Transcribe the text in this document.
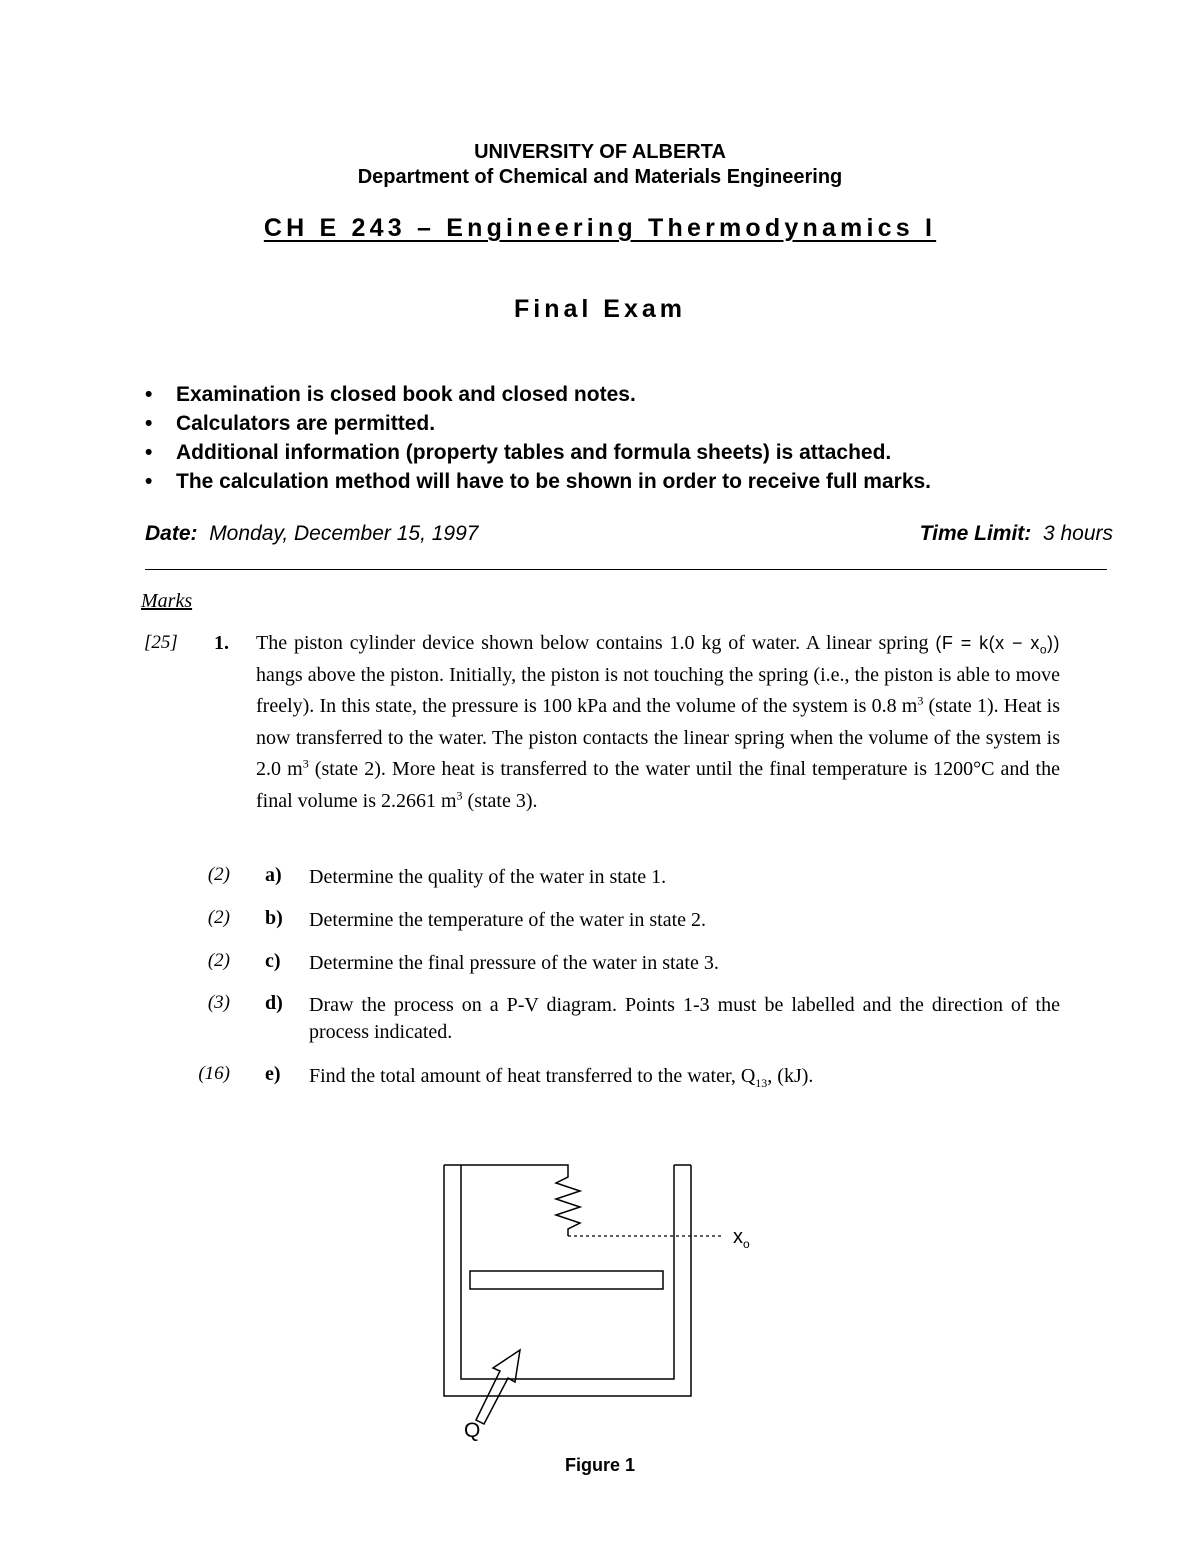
UNIVERSITY OF ALBERTA
Department of Chemical and Materials Engineering
CH E 243 – Engineering Thermodynamics I
Final Exam
•	Examination is closed book and closed notes.
•	Calculators are permitted.
•	Additional information (property tables and formula sheets) is attached.
•	The calculation method will have to be shown in order to receive full marks.
Date: Monday, December 15, 1997	Time Limit: 3 hours
Marks
[25] 1. The piston cylinder device shown below contains 1.0 kg of water. A linear spring $(F = k(x - x_o))$ hangs above the piston. Initially, the piston is not touching the spring (i.e., the piston is able to move freely). In this state, the pressure is 100 kPa and the volume of the system is 0.8 $m^3$ (state 1). Heat is now transferred to the water. The piston contacts the linear spring when the volume of the system is 2.0 $m^3$ (state 2). More heat is transferred to the water until the final temperature is 1200°C and the final volume is 2.2661 $m^3$ (state 3).
(2) a) Determine the quality of the water in state 1.
(2) b) Determine the temperature of the water in state 2.
(2) c) Determine the final pressure of the water in state 3.
(3) d) Draw the process on a P-V diagram. Points 1-3 must be labelled and the direction of the process indicated.
(16) e) Find the total amount of heat transferred to the water, $Q_{13}$, (kJ).
$x_o$
Q
Figure 1
